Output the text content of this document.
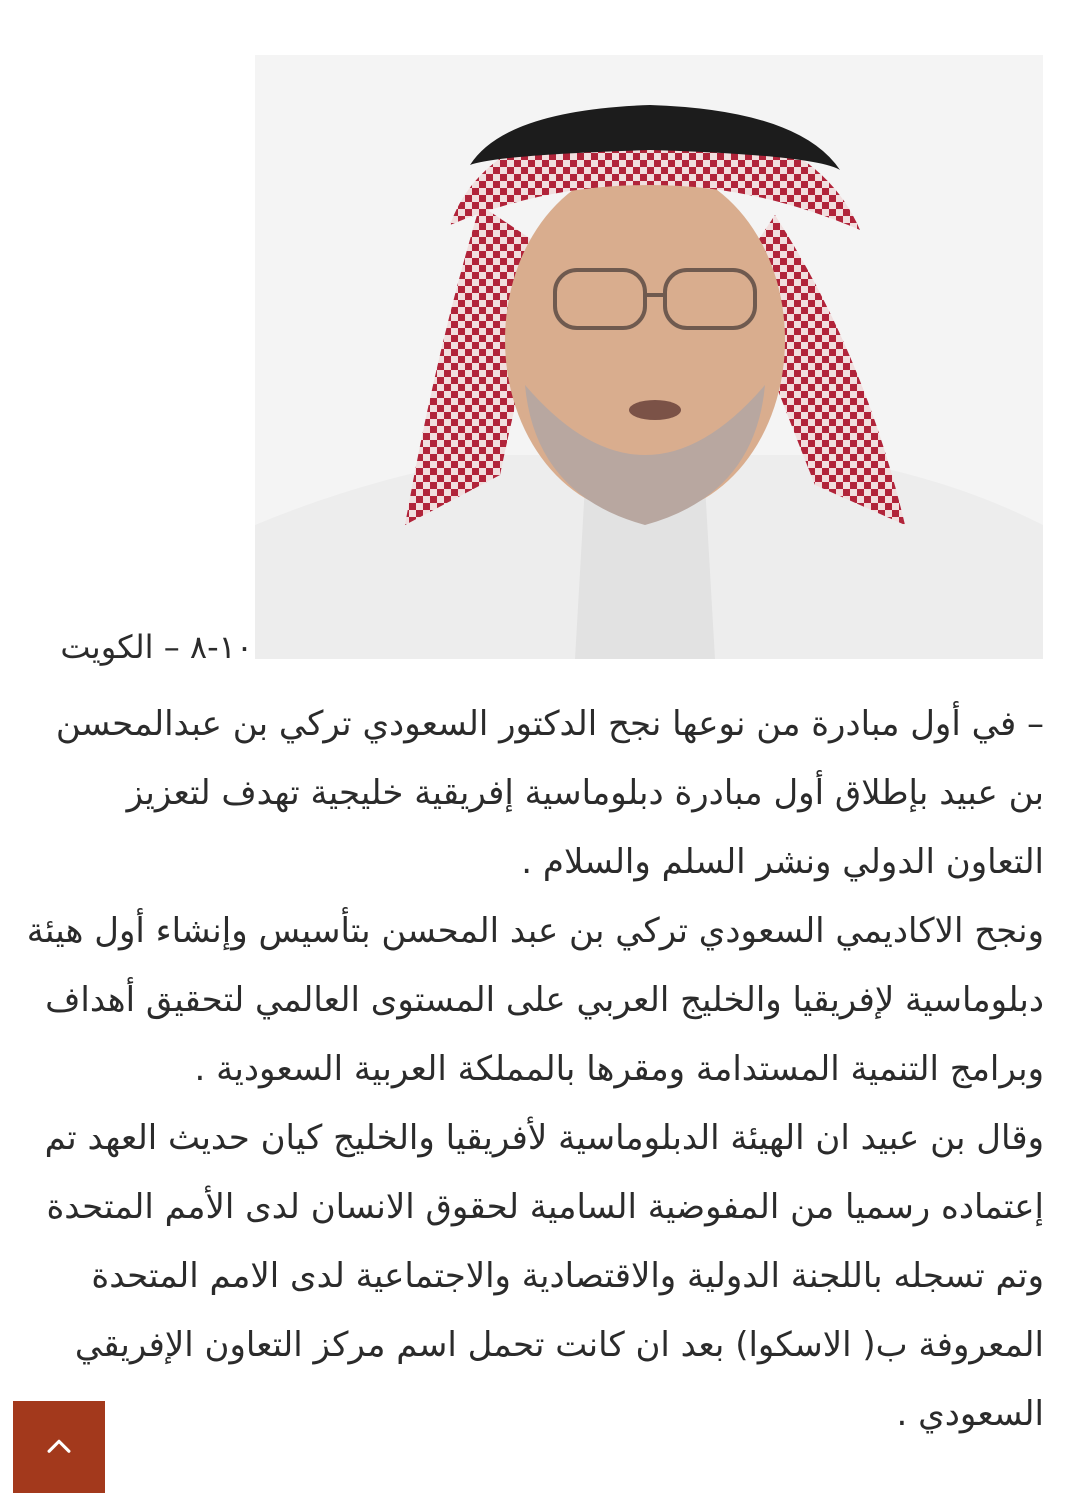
١٠-٨ – الكويت

– في أول مبادرة من نوعها نجح الدكتور السعودي تركي بن عبدالمحسن بن عبيد بإطلاق أول مبادرة دبلوماسية إفريقية خليجية تهدف لتعزيز التعاون الدولي ونشر السلم والسلام .

ونجح الاكاديمي السعودي تركي بن عبد المحسن بتأسيس وإنشاء أول هيئة دبلوماسية لإفريقيا والخليج العربي على المستوى العالمي لتحقيق أهداف وبرامج التنمية المستدامة ومقرها بالمملكة العربية السعودية .

وقال بن عبيد ان الهيئة الدبلوماسية لأفريقيا والخليج كيان حديث العهد تم إعتماده رسميا من المفوضية السامية لحقوق الانسان لدى الأمم المتحدة وتم تسجله باللجنة الدولية والاقتصادية والاجتماعية لدى الامم المتحدة المعروفة ب( الاسكوا) بعد ان كانت تحمل اسم مركز التعاون الإفريقي السعودي .
